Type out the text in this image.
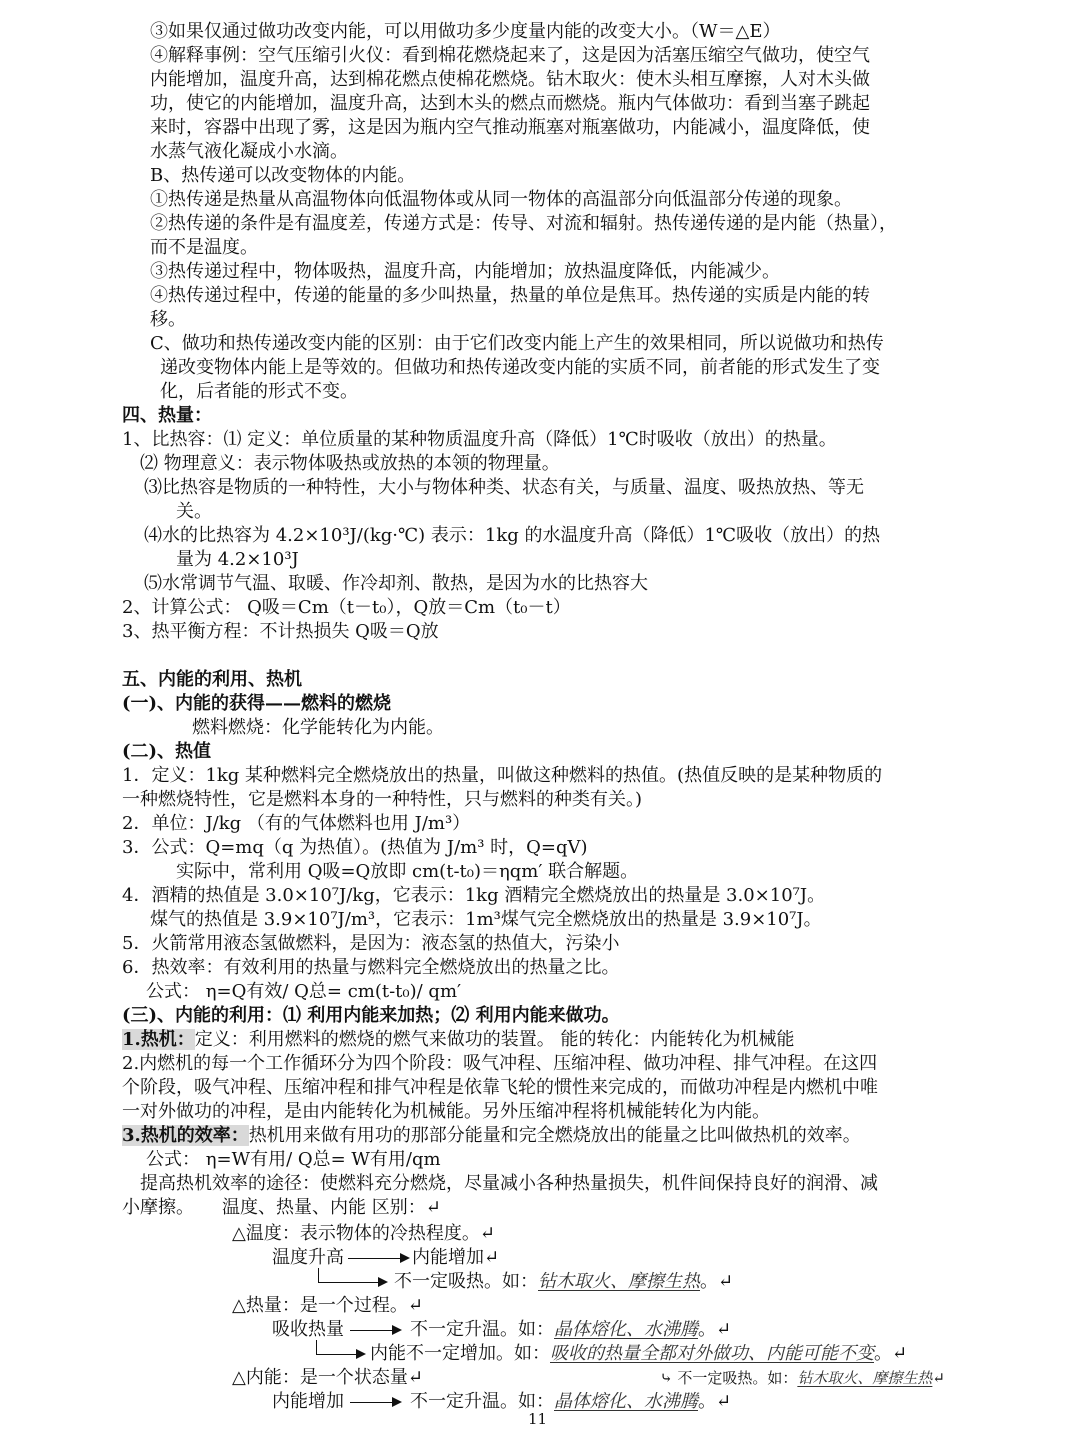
③如果仅通过做功改变内能，可以用做功多少度量内能的改变大小。（W＝△E）
④解释事例：空气压缩引火仪：看到棉花燃烧起来了，这是因为活塞压缩空气做功，使空气
内能增加，温度升高，达到棉花燃点使棉花燃烧。钻木取火：使木头相互摩擦，人对木头做
功，使它的内能增加，温度升高，达到木头的燃点而燃烧。瓶内气体做功：看到当塞子跳起
来时，容器中出现了雾，这是因为瓶内空气推动瓶塞对瓶塞做功，内能减小，温度降低，使
水蒸气液化凝成小水滴。
B、热传递可以改变物体的内能。
①热传递是热量从高温物体向低温物体或从同一物体的高温部分向低温部分传递的现象。
②热传递的条件是有温度差，传递方式是：传导、对流和辐射。热传递传递的是内能（热量），
而不是温度。
③热传递过程中，物体吸热，温度升高，内能增加；放热温度降低，内能减少。
④热传递过程中，传递的能量的多少叫热量，热量的单位是焦耳。热传递的实质是内能的转
移。
C、做功和热传递改变内能的区别：由于它们改变内能上产生的效果相同，所以说做功和热传
递改变物体内能上是等效的。但做功和热传递改变内能的实质不同，前者能的形式发生了变
化，后者能的形式不变。
四、热量：
1、比热容：⑴ 定义：单位质量的某种物质温度升高（降低）1℃时吸收（放出）的热量。
⑵ 物理意义：表示物体吸热或放热的本领的物理量。
⑶比热容是物质的一种特性，大小与物体种类、状态有关，与质量、温度、吸热放热、等无
关。
⑷水的比热容为 4.2×10³J/(kg·℃) 表示：1kg 的水温度升高（降低）1℃吸收（放出）的热
量为 4.2×10³J
⑸水常调节气温、取暖、作冷却剂、散热，是因为水的比热容大
2、计算公式： Q吸＝Cm（t－t₀），Q放＝Cm（t₀－t）
3、热平衡方程：不计热损失 Q吸＝Q放
五、内能的利用、热机
(一)、内能的获得——燃料的燃烧
燃料燃烧：化学能转化为内能。
(二)、热值
1．定义：1kg 某种燃料完全燃烧放出的热量，叫做这种燃料的热值。(热值反映的是某种物质的
一种燃烧特性，它是燃料本身的一种特性，只与燃料的种类有关。)
2．单位：J/kg （有的气体燃料也用 J/m³）
3．公式：Q=mq（q 为热值）。(热值为 J/m³ 时，Q=qV)
实际中，常利用 Q吸=Q放即 cm(t-t₀)＝ηqm′ 联合解题。
4．酒精的热值是 3.0×10⁷J/kg，它表示：1kg 酒精完全燃烧放出的热量是 3.0×10⁷J。
煤气的热值是 3.9×10⁷J/m³，它表示：1m³煤气完全燃烧放出的热量是 3.9×10⁷J。
5．火箭常用液态氢做燃料，是因为：液态氢的热值大，污染小
6．热效率：有效利用的热量与燃料完全燃烧放出的热量之比。
公式： η=Q有效/ Q总= cm(t-t₀)/ qm′
(三)、内能的利用：⑴ 利用内能来加热；⑵ 利用内能来做功。
1.热机：定义：利用燃料的燃烧的燃气来做功的装置。 能的转化：内能转化为机械能
2.内燃机的每一个工作循环分为四个阶段：吸气冲程、压缩冲程、做功冲程、排气冲程。在这四
个阶段，吸气冲程、压缩冲程和排气冲程是依靠飞轮的惯性来完成的，而做功冲程是内燃机中唯
一对外做功的冲程，是由内能转化为机械能。另外压缩冲程将机械能转化为内能。
3.热机的效率：热机用来做有用功的那部分能量和完全燃烧放出的能量之比叫做热机的效率。
公式： η=W有用/ Q总= W有用/qm
提高热机效率的途径：使燃料充分燃烧，尽量减小各种热量损失，机件间保持良好的润滑、减
小摩擦。 温度、热量、内能 区别：↵
△温度：表示物体的冷热程度。↵
温度升高	内能增加↵
不一定吸热。如：钻木取火、摩擦生热。↵
△热量：是一个过程。↵
吸收热量	不一定升温。如：晶体熔化、水沸腾。↵
内能不一定增加。如：吸收的热量全都对外做功、内能可能不变。↵
△内能：是一个状态量↵
内能增加	不一定升温。如：晶体熔化、水沸腾。↵
11
⤷ 不一定吸热。如：钻木取火、摩擦生热↵
